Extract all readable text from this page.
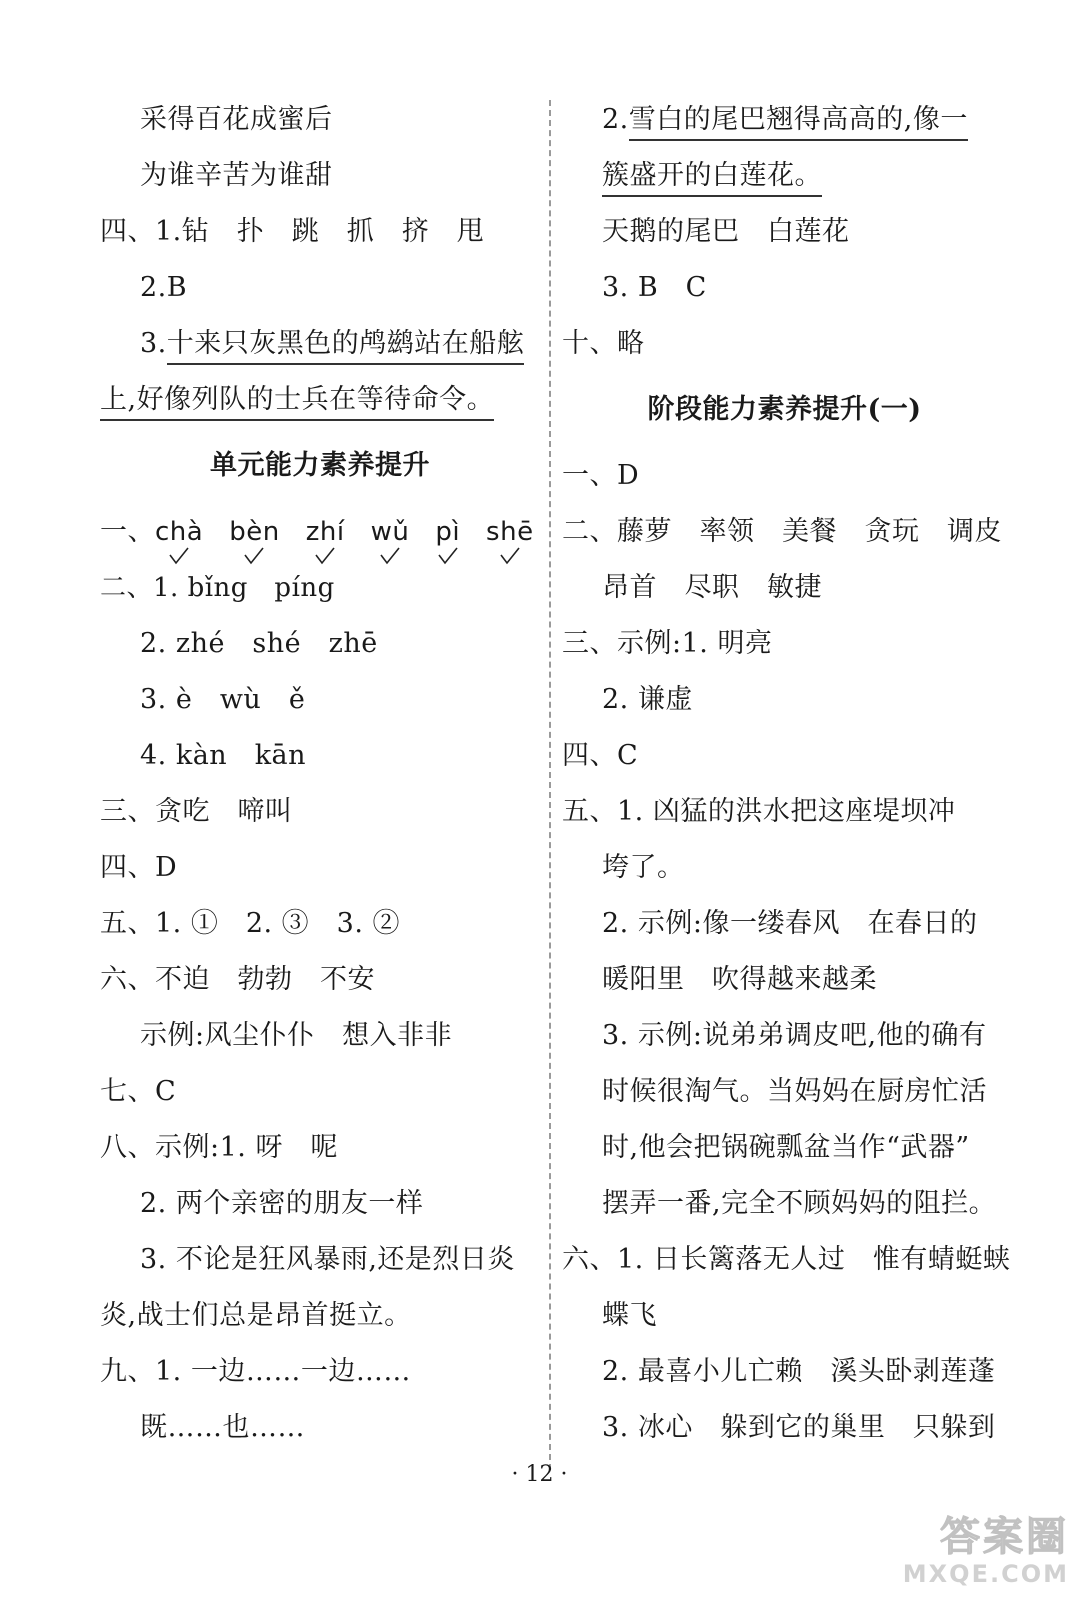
采得百花成蜜后
为谁辛苦为谁甜
四、1.钻　扑　跳　抓　挤　甩
2.B
3.十来只灰黑色的鸬鹚站在船舷
上,好像列队的士兵在等待命令。
单元能力素养提升
一、chà bèn zhí wǔ pì shē
二、1. bǐng　píng
2. zhé　shé　zhē
3. è　wù　ě
4. kàn　kān
三、贪吃　啼叫
四、D
五、1. ①　2. ③　3. ②
六、不迫　勃勃　不安
示例:风尘仆仆　想入非非
七、C
八、示例:1. 呀　呢
2. 两个亲密的朋友一样
3. 不论是狂风暴雨,还是烈日炎
炎,战士们总是昂首挺立。
九、1. 一边……一边……
既……也……
2.雪白的尾巴翘得高高的,像一
簇盛开的白莲花。
天鹅的尾巴　白莲花
3. B　C
十、略
阶段能力素养提升(一)
一、D
二、藤萝　率领　美餐　贪玩　调皮
昂首　尽职　敏捷
三、示例:1. 明亮
2. 谦虚
四、C
五、1. 凶猛的洪水把这座堤坝冲
垮了。
2. 示例:像一缕春风　在春日的
暖阳里　吹得越来越柔
3. 示例:说弟弟调皮吧,他的确有
时候很淘气。当妈妈在厨房忙活
时,他会把锅碗瓢盆当作“武器”
摆弄一番,完全不顾妈妈的阻拦。
六、1. 日长篱落无人过　惟有蜻蜓蛱
蝶飞
2. 最喜小儿亡赖　溪头卧剥莲蓬
3. 冰心　躲到它的巢里　只躲到
· 12 ·
答案圈
MXQE.COM
